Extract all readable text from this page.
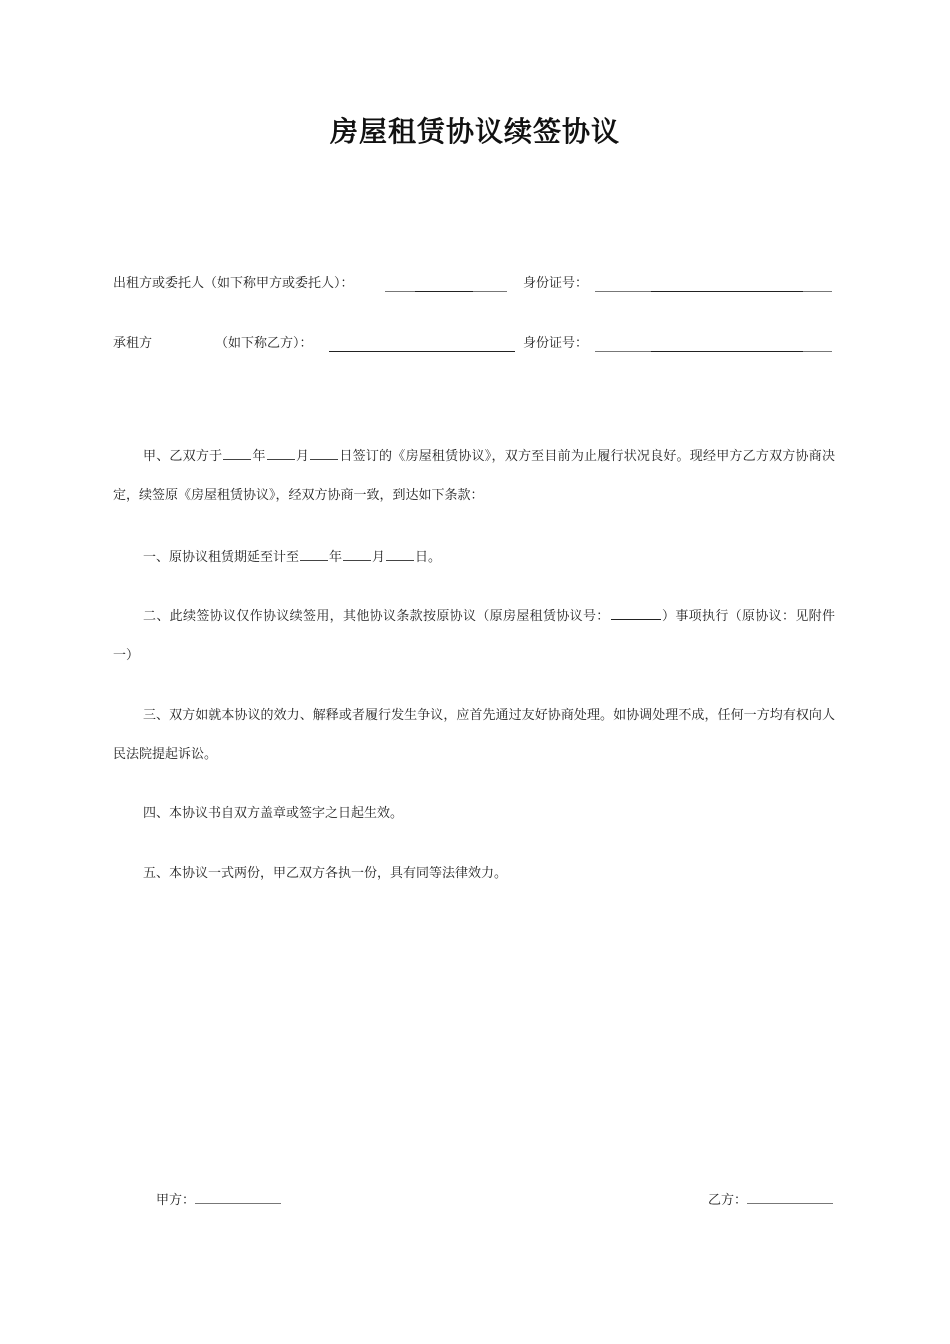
房屋租赁协议续签协议
出租方或委托人（如下称甲方或委托人）：	身份证号：
承租方	（如下称乙方）：	身份证号：
甲、乙双方于 年 月 日签订的《房屋租赁协议》，双方至目前为止履行状况良好。现经甲方乙方双方协商决定，续签原《房屋租赁协议》，经双方协商一致，到达如下条款：
一、原协议租赁期延至计至 年 月 日。
二、此续签协议仅作协议续签用，其他协议条款按原协议（原房屋租赁协议号：	）事项执行（原协议：见附件一）
三、双方如就本协议的效力、解释或者履行发生争议，应首先通过友好协商处理。如协调处理不成，任何一方均有权向人民法院提起诉讼。
四、本协议书自双方盖章或签字之日起生效。
五、本协议一式两份，甲乙双方各执一份，具有同等法律效力。
甲方：	乙方：
